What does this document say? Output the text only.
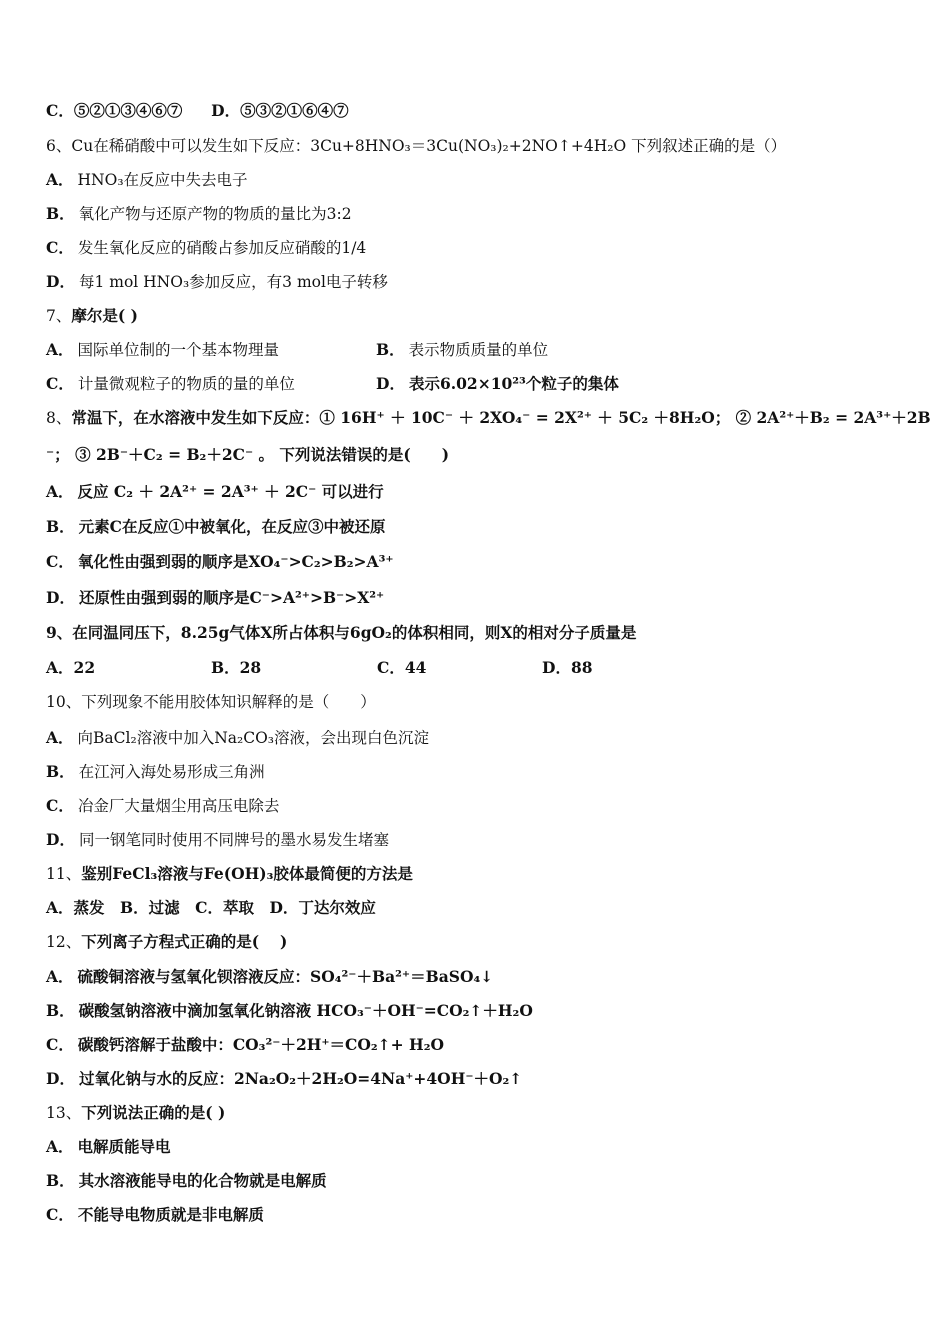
C．⑤②①③④⑥⑦ D．⑤③②①⑥④⑦
6、Cu在稀硝酸中可以发生如下反应：3Cu+8HNO₃＝3Cu(NO₃)₂+2NO↑+4H₂O 下列叙述正确的是（）
A． HNO₃在反应中失去电子
B． 氧化产物与还原产物的物质的量比为3:2
C． 发生氧化反应的硝酸占参加反应硝酸的1/4
D． 每1 mol HNO₃参加反应，有3 mol电子转移
7、摩尔是( )
A． 国际单位制的一个基本物理量	B． 表示物质质量的单位
C． 计量微观粒子的物质的量的单位	D． 表示6.02×10²³个粒子的集体
8、常温下，在水溶液中发生如下反应：① 16H⁺ ＋ 10C⁻ ＋ 2XO₄⁻ = 2X²⁺ ＋ 5C₂ ＋8H₂O； ② 2A²⁺＋B₂ = 2A³⁺＋2B
⁻； ③ 2B⁻＋C₂ = B₂＋2C⁻ 。 下列说法错误的是(　　)
A． 反应 C₂ ＋ 2A²⁺ = 2A³⁺ ＋ 2C⁻ 可以进行
B． 元素C在反应①中被氧化，在反应③中被还原
C． 氧化性由强到弱的顺序是XO₄⁻>C₂>B₂>A³⁺
D． 还原性由强到弱的顺序是C⁻>A²⁺>B⁻>X²⁺
9、在同温同压下，8.25g气体X所占体积与6gO₂的体积相同，则X的相对分子质量是
A．22	B．28	C．44	D．88
10、下列现象不能用胶体知识解释的是（　　）
A． 向BaCl₂溶液中加入Na₂CO₃溶液，会出现白色沉淀
B． 在江河入海处易形成三角洲
C． 冶金厂大量烟尘用高压电除去
D． 同一钢笔同时使用不同牌号的墨水易发生堵塞
11、鉴别FeCl₃溶液与Fe(OH)₃胶体最简便的方法是
A．蒸发　B．过滤　C．萃取　D．丁达尔效应
12、下列离子方程式正确的是(　 )
A． 硫酸铜溶液与氢氧化钡溶液反应：SO₄²⁻＋Ba²⁺＝BaSO₄↓
B． 碳酸氢钠溶液中滴加氢氧化钠溶液 HCO₃⁻＋OH⁻=CO₂↑＋H₂O
C． 碳酸钙溶解于盐酸中：CO₃²⁻＋2H⁺＝CO₂↑+ H₂O
D． 过氧化钠与水的反应：2Na₂O₂＋2H₂O=4Na⁺+4OH⁻＋O₂↑
13、下列说法正确的是( )
A． 电解质能导电
B． 其水溶液能导电的化合物就是电解质
C． 不能导电物质就是非电解质
